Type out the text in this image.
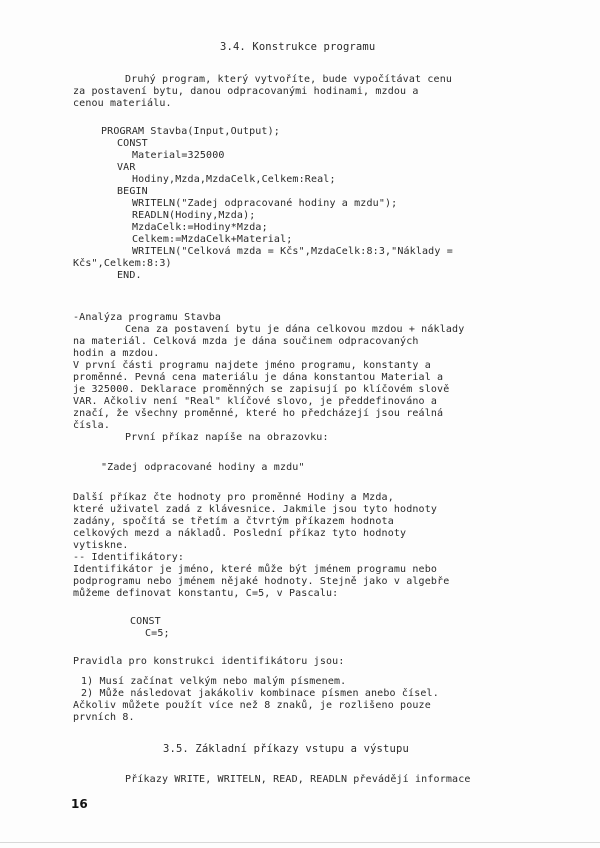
3.4. Konstrukce programu
Druhý program, který vytvoříte, bude vypočítávat cenu
za postavení bytu, danou odpracovanými hodinami, mzdou a
cenou materiálu.
PROGRAM Stavba(Input,Output);
CONST
Material=325000
VAR
Hodiny,Mzda,MzdaCelk,Celkem:Real;
BEGIN
WRITELN("Zadej odpracované hodiny a mzdu");
READLN(Hodiny,Mzda);
MzdaCelk:=Hodiny*Mzda;
Celkem:=MzdaCelk+Material;
WRITELN("Celková mzda = Kčs",MzdaCelk:8:3,"Náklady =
Kčs",Celkem:8:3)
END.
-Analýza programu Stavba
Cena za postavení bytu je dána celkovou mzdou + náklady
na materiál. Celková mzda je dána součinem odpracovaných
hodin a mzdou.
V první části programu najdete jméno programu, konstanty a
proměnné. Pevná cena materiálu je dána konstantou Material a
je 325000. Deklarace proměnných se zapisují po klíčovém slově
VAR. Ačkoliv není "Real" klíčové slovo, je předdefinováno a
značí, že všechny proměnné, které ho předcházejí jsou reálná
čísla.
První příkaz napíše na obrazovku:
"Zadej odpracované hodiny a mzdu"
Další příkaz čte hodnoty pro proměnné Hodiny a Mzda,
které uživatel zadá z klávesnice. Jakmile jsou tyto hodnoty
zadány, spočítá se třetím a čtvrtým příkazem hodnota
celkových mezd a nákladů. Poslední příkaz tyto hodnoty
vytiskne.
-- Identifikátory:
Identifikátor je jméno, které může být jménem programu nebo
podprogramu nebo jménem nějaké hodnoty. Stejně jako v algebře
můžeme definovat konstantu, C=5, v Pascalu:
CONST
C=5;
Pravidla pro konstrukci identifikátoru jsou:
1) Musí začínat velkým nebo malým písmenem.
2) Může následovat jakákoliv kombinace písmen anebo čísel.
Ačkoliv můžete použít více než 8 znaků, je rozlišeno pouze
prvních 8.
3.5. Základní příkazy vstupu a výstupu
Příkazy WRITE, WRITELN, READ, READLN převádějí informace
16
